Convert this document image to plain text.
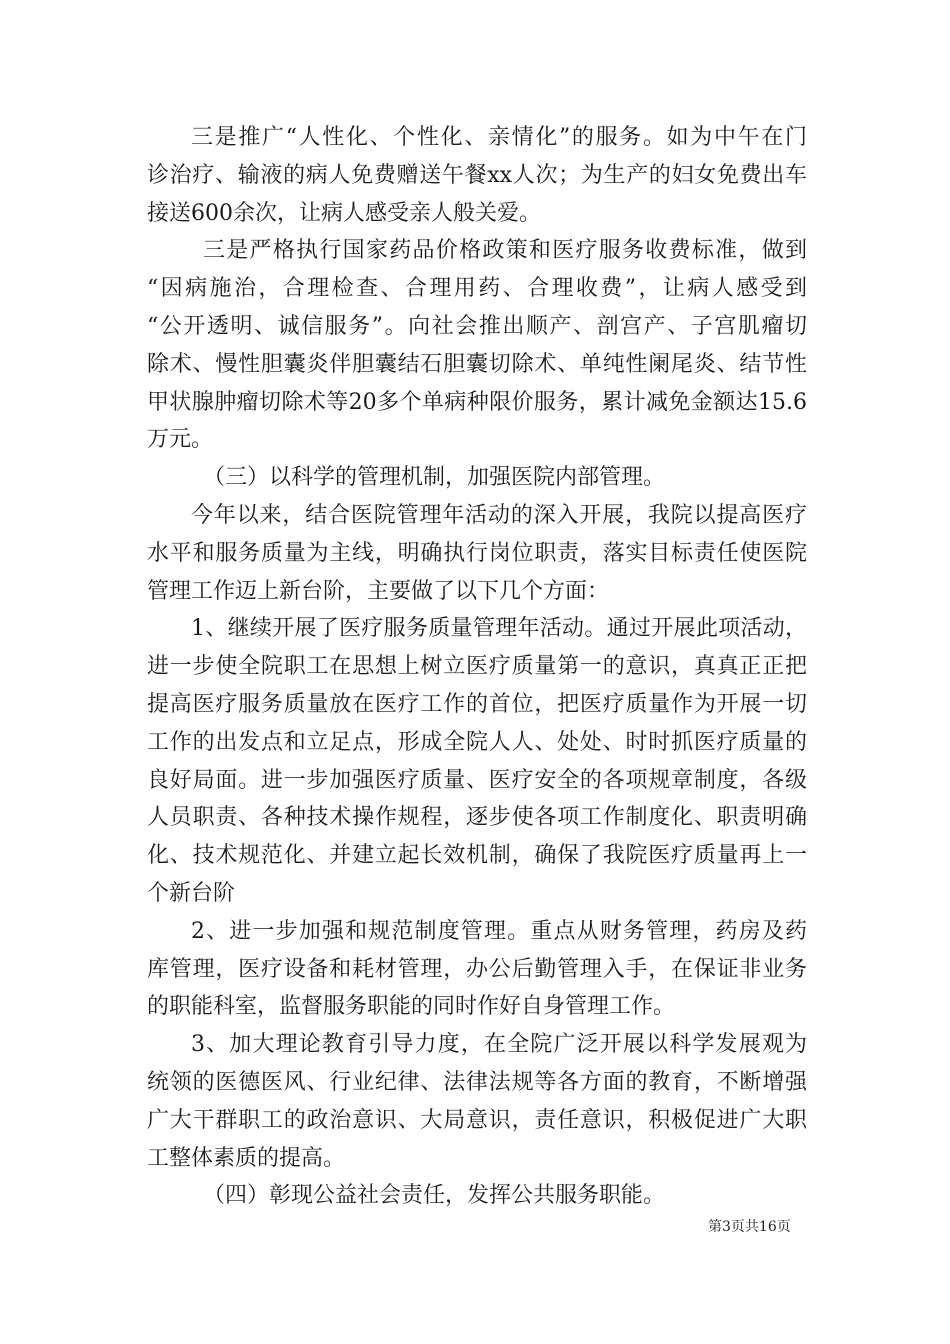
三是推广“人性化、个性化、亲情化”的服务。如为中午在门
诊治疗、输液的病人免费赠送午餐xx人次；为生产的妇女免费出车
接送600余次，让病人感受亲人般关爱。
三是严格执行国家药品价格政策和医疗服务收费标准，做到
“因病施治，合理检查、合理用药、合理收费”，让病人感受到
“公开透明、诚信服务”。向社会推出顺产、剖宫产、子宫肌瘤切
除术、慢性胆囊炎伴胆囊结石胆囊切除术、单纯性阑尾炎、结节性
甲状腺肿瘤切除术等20多个单病种限价服务，累计减免金额达15.6
万元。
（三）以科学的管理机制，加强医院内部管理。
今年以来，结合医院管理年活动的深入开展，我院以提高医疗
水平和服务质量为主线，明确执行岗位职责，落实目标责任使医院
管理工作迈上新台阶，主要做了以下几个方面：
1、继续开展了医疗服务质量管理年活动。通过开展此项活动，
进一步使全院职工在思想上树立医疗质量第一的意识，真真正正把
提高医疗服务质量放在医疗工作的首位，把医疗质量作为开展一切
工作的出发点和立足点，形成全院人人、处处、时时抓医疗质量的
良好局面。进一步加强医疗质量、医疗安全的各项规章制度，各级
人员职责、各种技术操作规程，逐步使各项工作制度化、职责明确
化、技术规范化、并建立起长效机制，确保了我院医疗质量再上一
个新台阶
2、进一步加强和规范制度管理。重点从财务管理，药房及药
库管理，医疗设备和耗材管理，办公后勤管理入手，在保证非业务
的职能科室，监督服务职能的同时作好自身管理工作。
3、加大理论教育引导力度，在全院广泛开展以科学发展观为
统领的医德医风、行业纪律、法律法规等各方面的教育，不断增强
广大干群职工的政治意识、大局意识，责任意识，积极促进广大职
工整体素质的提高。
（四）彰现公益社会责任，发挥公共服务职能。
第3页共16页
